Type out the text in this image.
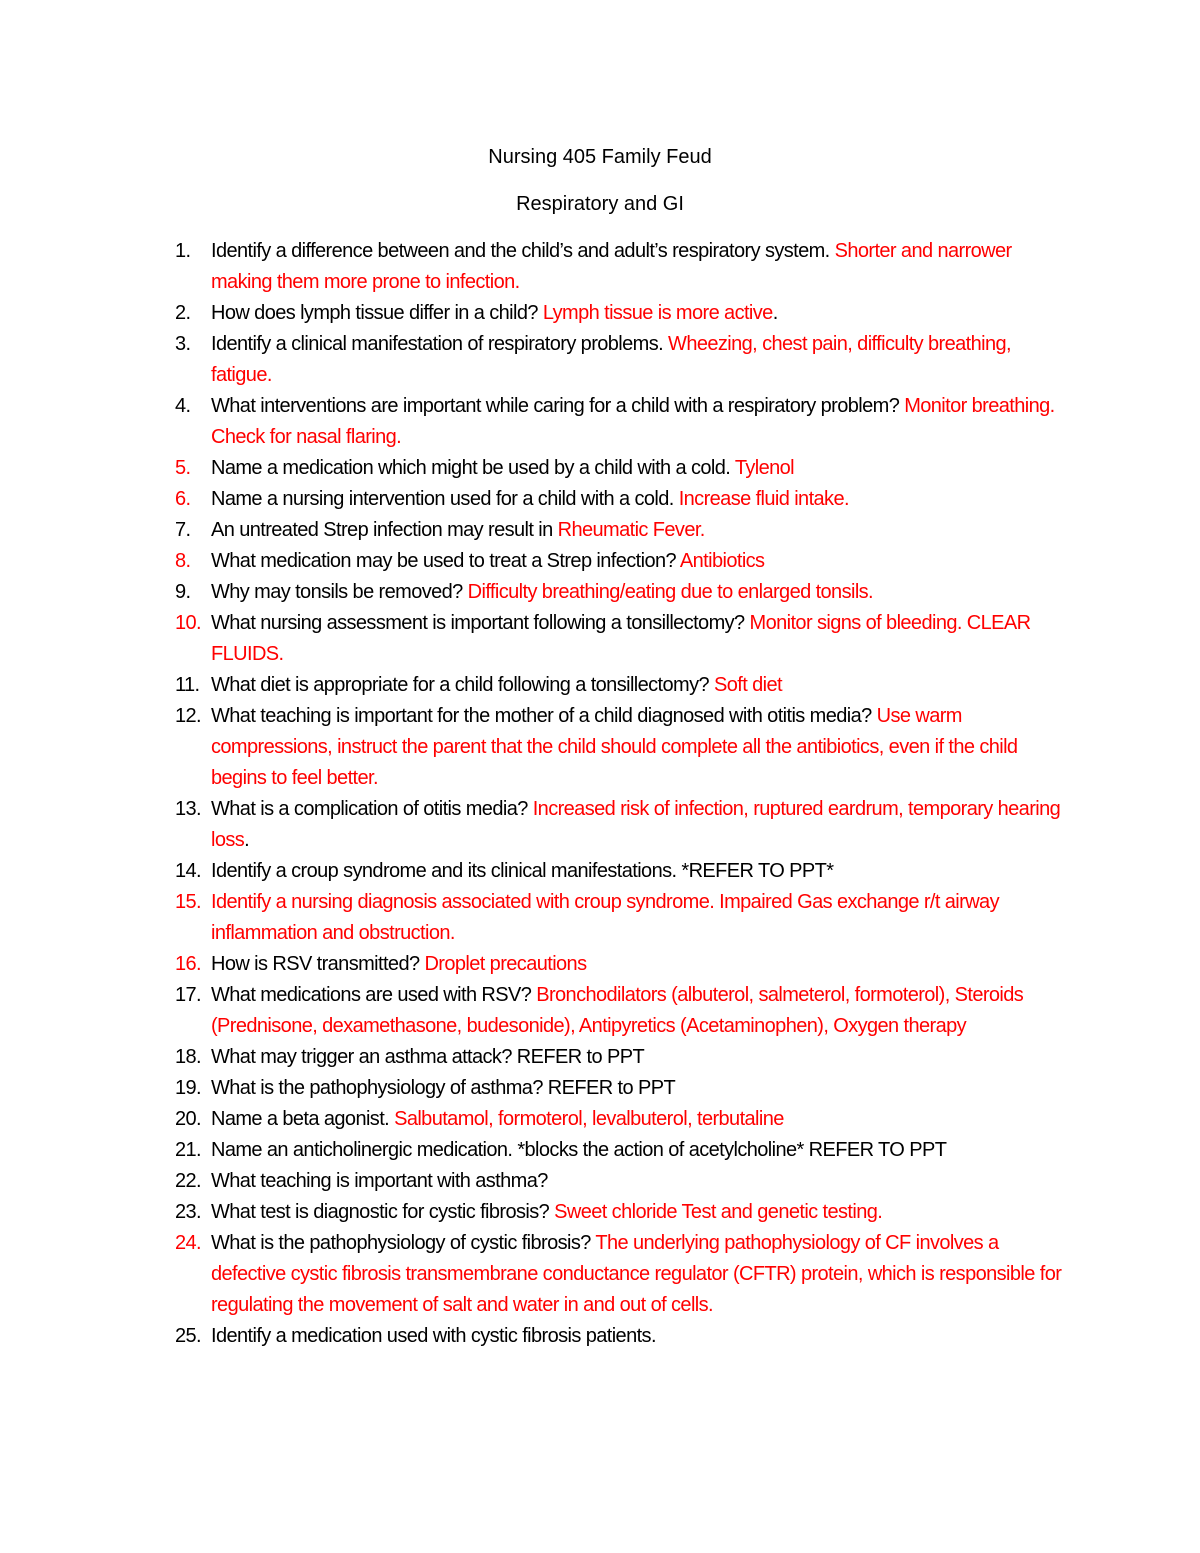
Nursing 405 Family Feud
Respiratory and GI
1. Identify a difference between and the child’s and adult’s respiratory system. Shorter and narrower making them more prone to infection.
2. How does lymph tissue differ in a child? Lymph tissue is more active.
3. Identify a clinical manifestation of respiratory problems. Wheezing, chest pain, difficulty breathing, fatigue.
4. What interventions are important while caring for a child with a respiratory problem? Monitor breathing. Check for nasal flaring.
5. Name a medication which might be used by a child with a cold. Tylenol
6. Name a nursing intervention used for a child with a cold. Increase fluid intake.
7. An untreated Strep infection may result in Rheumatic Fever.
8. What medication may be used to treat a Strep infection? Antibiotics
9. Why may tonsils be removed? Difficulty breathing/eating due to enlarged tonsils.
10. What nursing assessment is important following a tonsillectomy? Monitor signs of bleeding. CLEAR FLUIDS.
11. What diet is appropriate for a child following a tonsillectomy? Soft diet
12. What teaching is important for the mother of a child diagnosed with otitis media? Use warm compressions, instruct the parent that the child should complete all the antibiotics, even if the child begins to feel better.
13. What is a complication of otitis media? Increased risk of infection, ruptured eardrum, temporary hearing loss.
14. Identify a croup syndrome and its clinical manifestations. *REFER TO PPT*
15. Identify a nursing diagnosis associated with croup syndrome. Impaired Gas exchange r/t airway inflammation and obstruction.
16. How is RSV transmitted? Droplet precautions
17. What medications are used with RSV? Bronchodilators (albuterol, salmeterol, formoterol), Steroids (Prednisone, dexamethasone, budesonide), Antipyretics (Acetaminophen), Oxygen therapy
18. What may trigger an asthma attack? REFER to PPT
19. What is the pathophysiology of asthma? REFER to PPT
20. Name a beta agonist. Salbutamol, formoterol, levalbuterol, terbutaline
21. Name an anticholinergic medication. *blocks the action of acetylcholine* REFER TO PPT
22. What teaching is important with asthma?
23. What test is diagnostic for cystic fibrosis? Sweet chloride Test and genetic testing.
24. What is the pathophysiology of cystic fibrosis? The underlying pathophysiology of CF involves a defective cystic fibrosis transmembrane conductance regulator (CFTR) protein, which is responsible for regulating the movement of salt and water in and out of cells.
25. Identify a medication used with cystic fibrosis patients.
